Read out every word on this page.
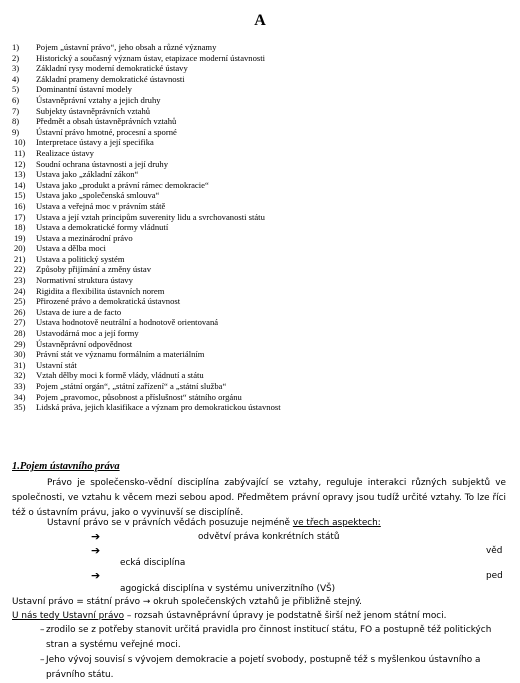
A
1) Pojem „ústavní právo“, jeho obsah a různé významy
2) Historický a současný význam ústav, etapizace moderní ústavnosti
3) Základní rysy moderní demokratické ústavy
4) Základní prameny demokratické ústavnosti
5) Dominantní ústavní modely
6) Ústavněprávní vztahy a jejich druhy
7) Subjekty ústavněprávních vztahů
8) Předmět a obsah ústavněprávních vztahů
9) Ústavní právo hmotné, procesní a sporné
10) Interpretace ústavy a její specifika
11) Realizace ústavy
12) Soudní ochrana ústavnosti a její druhy
13) Ustava jako „základní zákon“
14) Ustava jako „produkt a právní rámec demokracie“
15) Ustava jako „společenská smlouva“
16) Ustava a veřejná moc v právním státě
17) Ustava a její vztah principům suverenity lidu a svrchovanosti státu
18) Ustava a demokratické formy vládnutí
19) Ustava a mezinárodní právo
20) Ustava a dělba moci
21) Ustava a politický systém
22) Způsoby přijímání a změny ústav
23) Normativní struktura ústavy
24) Rigidita a flexibilita ústavních norem
25) Přirozené právo a demokratická ústavnost
26) Ustava de iure a de facto
27) Ustava hodnotově neutrální a hodnotově orientovaná
28) Ustavodárná moc a její formy
29) Ústavněprávní odpovědnost
30) Právní stát ve významu formálním a materiálním
31) Ustavní stát
32) Vztah dělby moci k formě vlády, vládnutí a státu
33) Pojem „státní orgán“, „státní zařízení“ a „státní služba“
34) Pojem „pravomoc, působnost a příslušnost“ státního orgánu
35) Lidská práva, jejich klasifikace a význam pro demokratickou ústavnost
1.Pojem ústavního práva
Právo je společensko-vědní disciplína zabývající se vztahy, reguluje interakci různých subjektů ve společnosti, ve vztahu k věcem mezi sebou apod. Předmětem právní opravy jsou tudíž určité vztahy. To lze říci též o ústavním právu, jako o vyvinuvší se disciplíně.
Ustavní právo se v právních vědách posuzuje nejméně ve třech aspektech:
➔	odvětví práva konkrétních států
➔	věd
ecká disciplína
➔	ped
agogická disciplína v systému univerzitního (VŠ)
Ustavní právo = státní právo → okruh společenských vztahů je přibližně stejný.
U nás tedy Ustavní právo – rozsah ústavněprávní úpravy je podstatně širší než jenom státní moci.
– zrodilo se z potřeby stanovit určitá pravidla pro činnost institucí státu, FO a postupně též politických stran a systému veřejné moci.
– Jeho vývoj souvisí s vývojem demokracie a pojetí svobody, postupně též s myšlenkou ústavního a právního státu.
